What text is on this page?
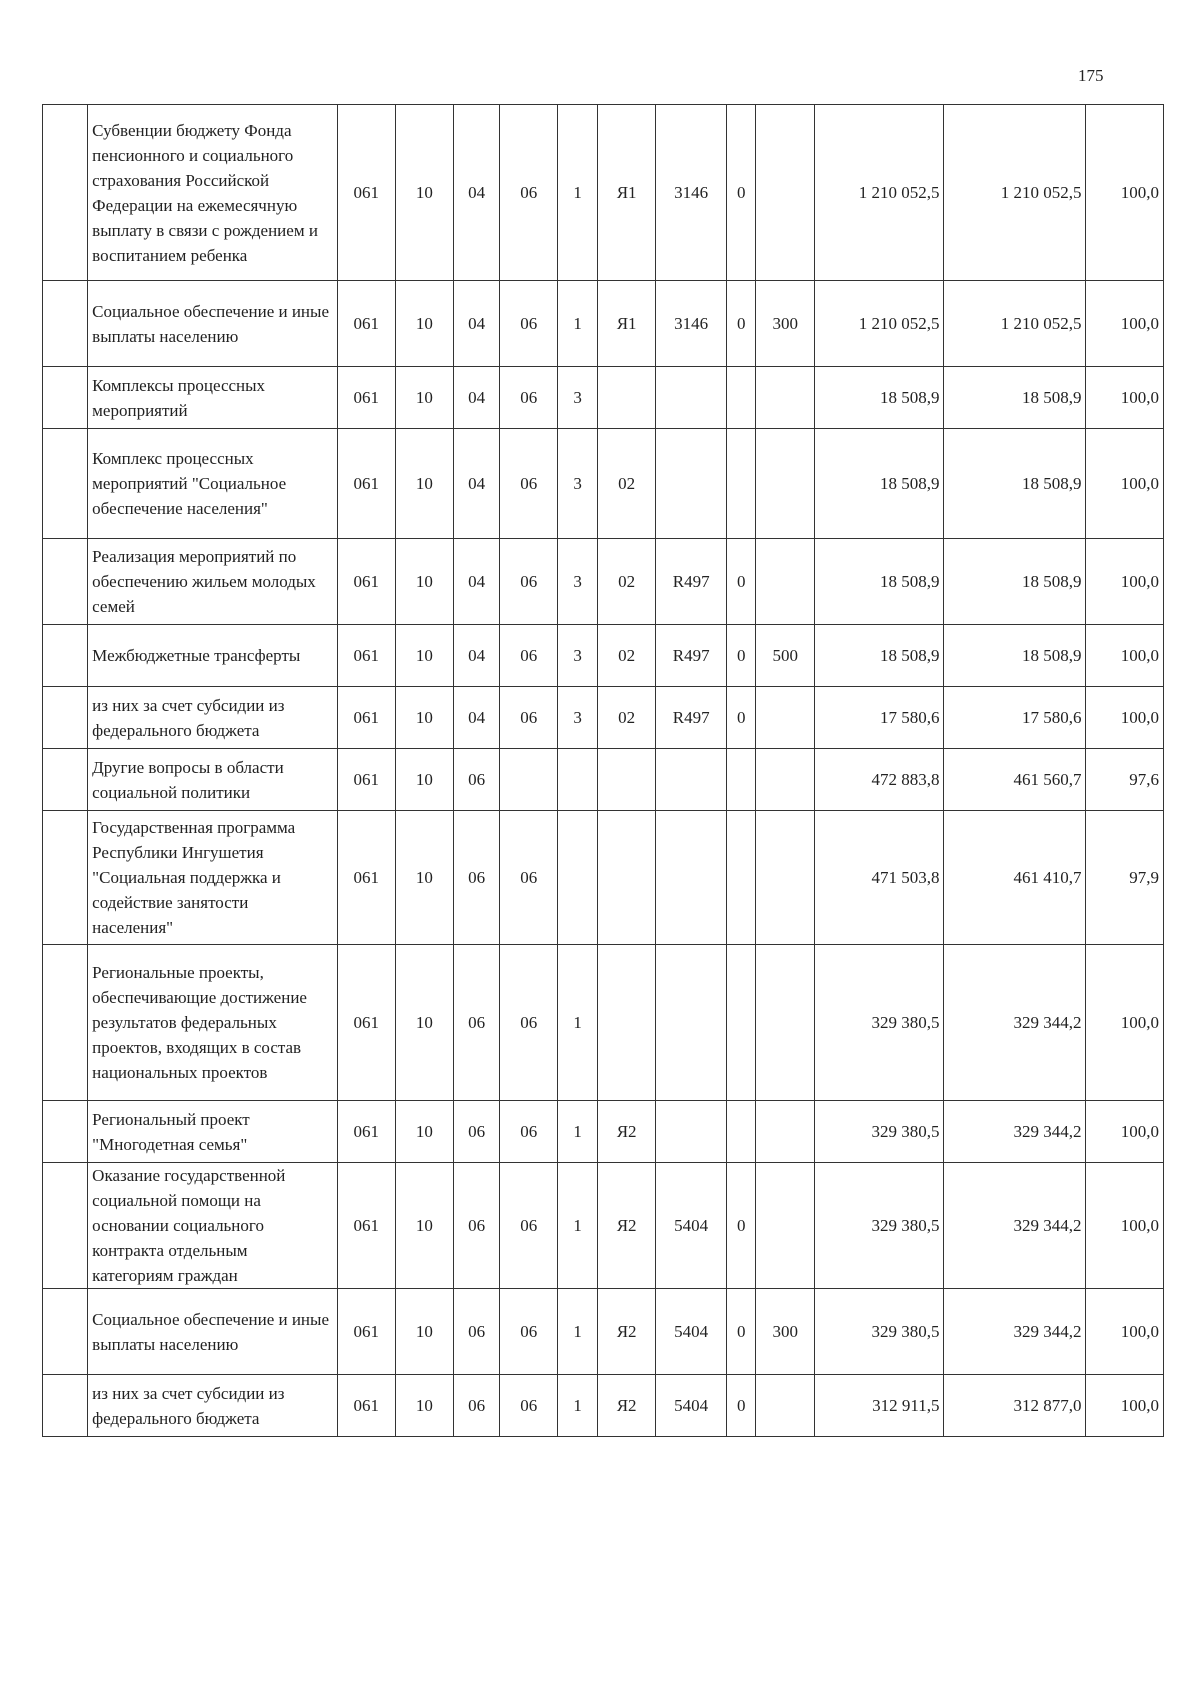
175
	Субвенции бюджету Фонда пенсионного и социального страхования Российской Федерации на ежемесячную выплату в связи с рождением и воспитанием ребенка	061	10	04	06	1	Я1	3146	0		1 210 052,5	1 210 052,5	100,0
	Социальное обеспечение и иные выплаты населению	061	10	04	06	1	Я1	3146	0	300	1 210 052,5	1 210 052,5	100,0
	Комплексы процессных мероприятий	061	10	04	06	3					18 508,9	18 508,9	100,0
	Комплекс процессных мероприятий "Социальное обеспечение населения"	061	10	04	06	3	02				18 508,9	18 508,9	100,0
	Реализация мероприятий по обеспечению жильем молодых семей	061	10	04	06	3	02	R497	0		18 508,9	18 508,9	100,0
	Межбюджетные трансферты	061	10	04	06	3	02	R497	0	500	18 508,9	18 508,9	100,0
	из них за счет субсидии из федерального бюджета	061	10	04	06	3	02	R497	0		17 580,6	17 580,6	100,0
	Другие вопросы в области социальной политики	061	10	06							472 883,8	461 560,7	97,6
	Государственная программа Республики Ингушетия "Социальная поддержка и содействие занятости населения"	061	10	06	06						471 503,8	461 410,7	97,9
	Региональные проекты, обеспечивающие достижение результатов федеральных проектов, входящих в состав национальных проектов	061	10	06	06	1					329 380,5	329 344,2	100,0
	Региональный проект "Многодетная семья"	061	10	06	06	1	Я2				329 380,5	329 344,2	100,0
	Оказание государственной социальной помощи на основании социального контракта отдельным категориям граждан	061	10	06	06	1	Я2	5404	0		329 380,5	329 344,2	100,0
	Социальное обеспечение и иные выплаты населению	061	10	06	06	1	Я2	5404	0	300	329 380,5	329 344,2	100,0
	из них за счет субсидии из федерального бюджета	061	10	06	06	1	Я2	5404	0		312 911,5	312 877,0	100,0
